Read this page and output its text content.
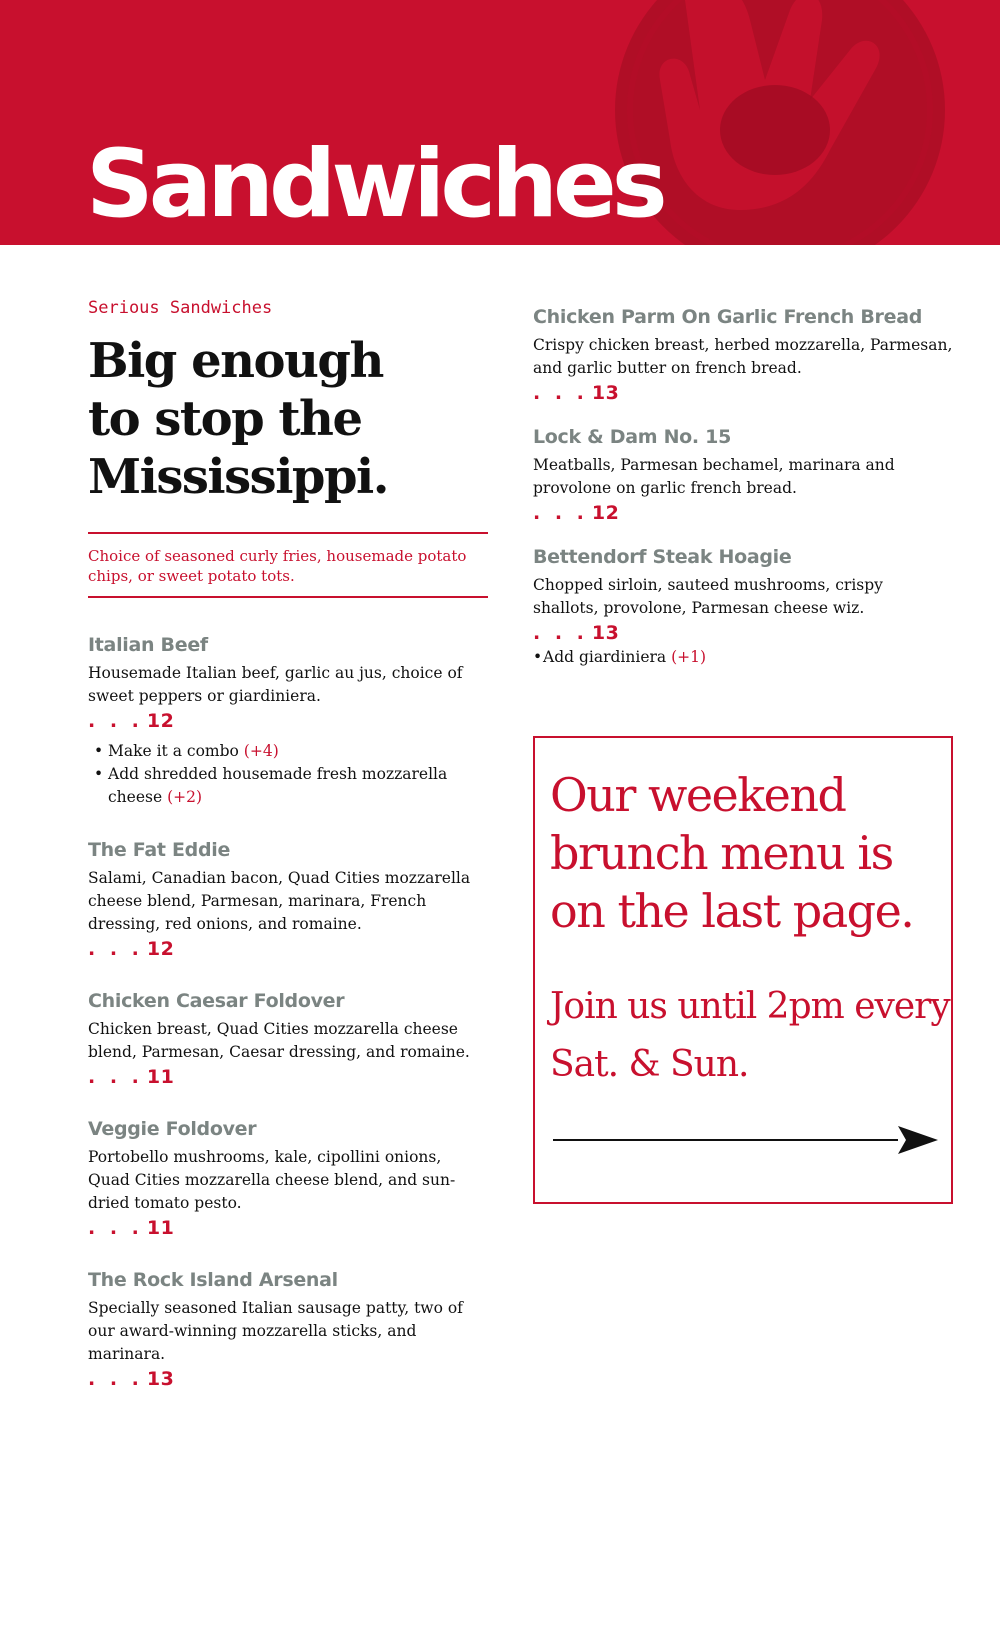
Sandwiches

Serious Sandwiches

Big enough
to stop the
Mississippi.

Choice of seasoned curly fries, housemade potato chips, or sweet potato tots.

Italian Beef

Housemade Italian beef, garlic au jus, choice of sweet peppers or giardiniera.

. . . 12

• Make it a combo (+4)
• Add shredded housemade fresh mozzarella cheese (+2)

The Fat Eddie

Salami, Canadian bacon, Quad Cities mozzarella cheese blend, Parmesan, marinara, French dressing, red onions, and romaine.

. . . 12

Chicken Caesar Foldover

Chicken breast, Quad Cities mozzarella cheese blend, Parmesan, Caesar dressing, and romaine.

. . . 11

Veggie Foldover

Portobello mushrooms, kale, cipollini onions, Quad Cities mozzarella cheese blend, and sun-dried tomato pesto.

. . . 11

The Rock Island Arsenal

Specially seasoned Italian sausage patty, two of our award-winning mozzarella sticks, and marinara.

. . . 13

Chicken Parm On Garlic French Bread

Crispy chicken breast, herbed mozzarella, Parmesan, and garlic butter on french bread.

. . . 13

Lock & Dam No. 15

Meatballs, Parmesan bechamel, marinara and provolone on garlic french bread.

. . . 12

Bettendorf Steak Hoagie

Chopped sirloin, sauteed mushrooms, crispy shallots, provolone, Parmesan cheese wiz.

. . . 13

• Add giardiniera (+1)

Our weekend brunch menu is on the last page.

Join us until 2pm every Sat. & Sun.
